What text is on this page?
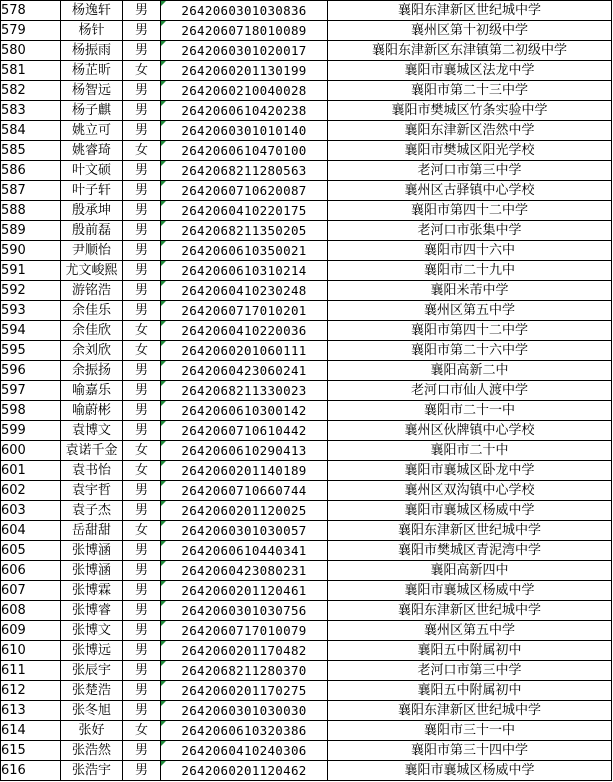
578	杨逸轩	男	2642060301030836	襄阳东津新区世纪城中学
579	杨针	男	2642060718010089	襄州区第十初级中学
580	杨振雨	男	2642060301020017	襄阳东津新区东津镇第二初级中学
581	杨芷昕	女	2642060201130199	襄阳市襄城区法龙中学
582	杨智远	男	2642060210040028	襄阳市第二十三中学
583	杨子麒	男	2642060610420238	襄阳市樊城区竹条实验中学
584	姚立可	男	2642060301010140	襄阳东津新区浩然中学
585	姚睿琦	女	2642060610470100	襄阳市樊城区阳光学校
586	叶文硕	男	2642068211280563	老河口市第三中学
587	叶子轩	男	2642060710620087	襄州区古驿镇中心学校
588	殷承坤	男	2642060410220175	襄阳市第四十二中学
589	殷前磊	男	2642068211350205	老河口市张集中学
590	尹顺怡	男	2642060610350021	襄阳市四十六中
591	尤文峻熙	男	2642060610310214	襄阳市二十九中
592	游铭浩	男	2642060410230248	襄阳米芾中学
593	余佳乐	男	2642060717010201	襄州区第五中学
594	余佳欣	女	2642060410220036	襄阳市第四十二中学
595	余刘欣	女	2642060201060111	襄阳市第二十六中学
596	余振扬	男	2642060423060241	襄阳高新二中
597	喻嘉乐	男	2642068211330023	老河口市仙人渡中学
598	喻蔚彬	男	2642060610300142	襄阳市二十一中
599	袁博文	男	2642060710610442	襄州区伙牌镇中心学校
600	袁诺千金	女	2642060610290413	襄阳市二十中
601	袁书怡	女	2642060201140189	襄阳市襄城区卧龙中学
602	袁宇哲	男	2642060710660744	襄州区双沟镇中心学校
603	袁子杰	男	2642060201120025	襄阳市襄城区杨威中学
604	岳甜甜	女	2642060301030057	襄阳东津新区世纪城中学
605	张博涵	男	2642060610440341	襄阳市樊城区青泥湾中学
606	张博涵	男	2642060423080231	襄阳高新四中
607	张博霖	男	2642060201120461	襄阳市襄城区杨威中学
608	张博睿	男	2642060301030756	襄阳东津新区世纪城中学
609	张博文	男	2642060717010079	襄州区第五中学
610	张博远	男	2642060201170482	襄阳五中附属初中
611	张辰宇	男	2642068211280370	老河口市第三中学
612	张楚浩	男	2642060201170275	襄阳五中附属初中
613	张冬旭	男	2642060301030030	襄阳东津新区世纪城中学
614	张好	女	2642060610320386	襄阳市三十一中
615	张浩然	男	2642060410240306	襄阳市第三十四中学
616	张浩宇	男	2642060201120462	襄阳市襄城区杨威中学
